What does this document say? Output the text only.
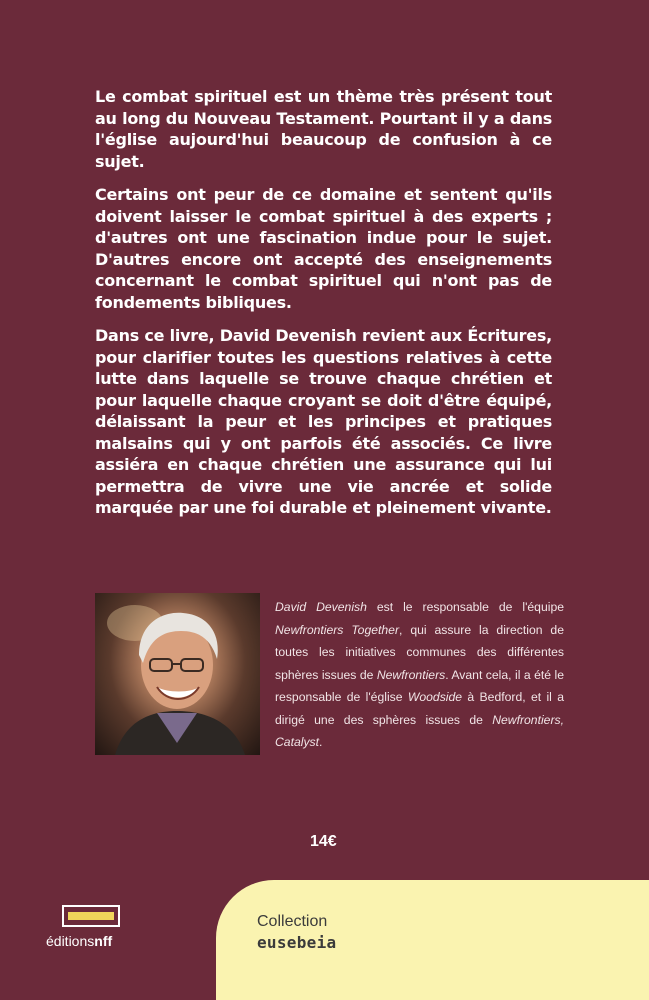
Le combat spirituel est un thème très présent tout au long du Nouveau Testament. Pourtant il y a dans l'église aujourd'hui beaucoup de confusion à ce sujet.

Certains ont peur de ce domaine et sentent qu'ils doivent laisser le combat spirituel à des experts ; d'autres ont une fascination indue pour le sujet. D'autres encore ont accepté des enseignements concernant le combat spirituel qui n'ont pas de fondements bibliques.

Dans ce livre, David Devenish revient aux Écritures, pour clarifier toutes les questions relatives à cette lutte dans laquelle se trouve chaque chrétien et pour laquelle chaque croyant se doit d'être équipé, délaissant la peur et les principes et pratiques malsains qui y ont parfois été associés. Ce livre assiéra en chaque chrétien une assurance qui lui permettra de vivre une vie ancrée et solide marquée par une foi durable et pleinement vivante.

David Devenish est le responsable de l'équipe Newfrontiers Together, qui assure la direction de toutes les initiatives communes des différentes sphères issues de Newfrontiers. Avant cela, il a été le responsable de l'église Woodside à Bedford, et il a dirigé une des sphères issues de Newfrontiers, Catalyst.
14€
éditionsnff
Collection
eusebeia
